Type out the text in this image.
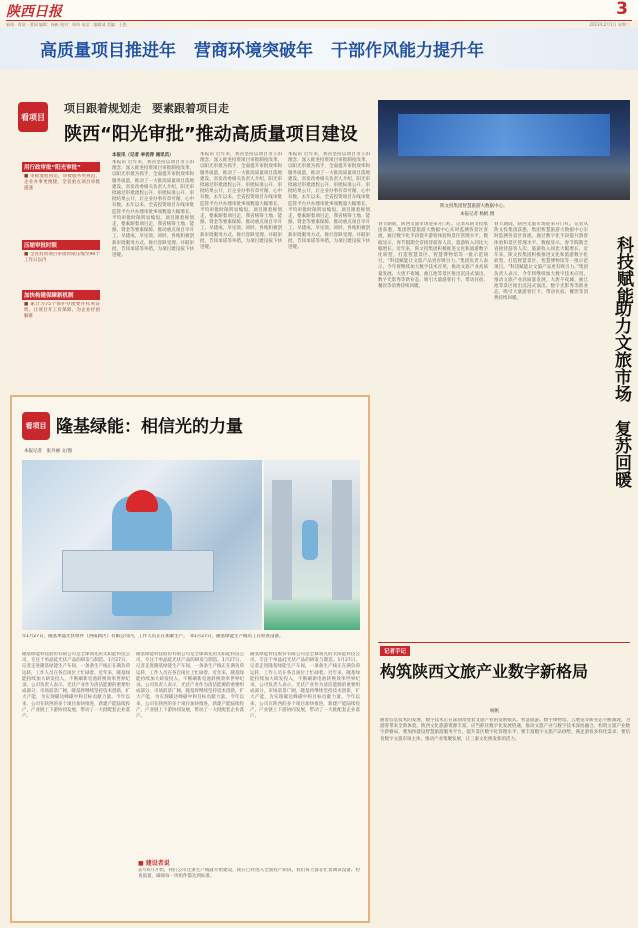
陕西日报	3
新闻 · 时政 · 要闻 编辑：杨帆 校对：周伟 电话：编辑部 美编：王艳	2023年2月1日 星期三
高质量项目推进年 营商环境突破年 干部作风能力提升年
看项目
项目跟着规划走　要素跟着项目走
陕西“阳光审批”推动高质量项目建设
用行政审批“阳光审批”
■ 审批流程再造，审批服务更规范，企业办事更便捷，全省重点项目审批提速
压缩审批时限
■ 全省投资项目审批时限压缩至90个工作日以内
加快构建保障新机制
■ 累计为75个保护办理要件权利证明，让项目开工有保障，为企业纾困解难
本报讯（记者 李优萍 通讯员）
本报讯 近年来，我省坚持以项目为王的理念，深入推进投资项目审批制度改革，以阳光审批为抓手，全面提升审批效率和服务质量，推动了一大批高质量项目落地建设。省发改委相关负责人介绍，阳光审批通过审批流程公开、审批标准公开、审批结果公开，让企业办事有章可循、心中有数。去年以来，全省投资项目在线审批监管平台共办理审批事项数量大幅增长，平均审批时限明显缩短。项目跟着规划走，要素跟着项目走，我省统筹土地、能源、资金等要素保障，推动重点项目早开工、早建成、早见效。同时，各地积极创新审批服务方式，推行容缺受理、并联审批、告知承诺等举措，为项目建设按下快进键。
本报讯 近年来，我省坚持以项目为王的理念，深入推进投资项目审批制度改革，以阳光审批为抓手，全面提升审批效率和服务质量，推动了一大批高质量项目落地建设。省发改委相关负责人介绍，阳光审批通过审批流程公开、审批标准公开、审批结果公开，让企业办事有章可循、心中有数。去年以来，全省投资项目在线审批监管平台共办理审批事项数量大幅增长，平均审批时限明显缩短。项目跟着规划走，要素跟着项目走，我省统筹土地、能源、资金等要素保障，推动重点项目早开工、早建成、早见效。同时，各地积极创新审批服务方式，推行容缺受理、并联审批、告知承诺等举措，为项目建设按下快进键。
本报讯 近年来，我省坚持以项目为王的理念，深入推进投资项目审批制度改革，以阳光审批为抓手，全面提升审批效率和服务质量，推动了一大批高质量项目落地建设。省发改委相关负责人介绍，阳光审批通过审批流程公开、审批标准公开、审批结果公开，让企业办事有章可循、心中有数。去年以来，全省投资项目在线审批监管平台共办理审批事项数量大幅增长，平均审批时限明显缩短。项目跟着规划走，要素跟着项目走，我省统筹土地、能源、资金等要素保障，推动重点项目早开工、早建成、早见效。同时，各地积极创新审批服务方式，推行容缺受理、并联审批、告知承诺等举措，为项目建设按下快进键。
陕文投集团智慧旅游大数据中心。
本报记者 杨帆 摄
春节期间，陕西文旅市场迎来开门红。记者从陕文投集团获悉，集团智慧旅游大数据中心实时监测各景区客流，通过数字化手段提升游客体验和景区管理水平。数据显示，春节假期全省接待游客人次、旅游收入同比大幅增长。近年来，陕文投集团积极推进文化和旅游数字化转型，打造智慧景区、智慧博物馆等一批示范项目。“科技赋能让文旅产品更有吸引力。”集团负责人表示，今年将继续加大数字技术应用，推动文旅产业高质量发展。大唐不夜城、曲江池等景区推出沉浸式演出、数字光影秀等新业态，吸引大量游客打卡，带动住宿、餐饮等消费持续回暖。
春节期间，陕西文旅市场迎来开门红。记者从陕文投集团获悉，集团智慧旅游大数据中心实时监测各景区客流，通过数字化手段提升游客体验和景区管理水平。数据显示，春节假期全省接待游客人次、旅游收入同比大幅增长。近年来，陕文投集团积极推进文化和旅游数字化转型，打造智慧景区、智慧博物馆等一批示范项目。“科技赋能让文旅产品更有吸引力。”集团负责人表示，今年将继续加大数字技术应用，推动文旅产业高质量发展。大唐不夜城、曲江池等景区推出沉浸式演出、数字光影秀等新业态，吸引大量游客打卡，带动住宿、餐饮等消费持续回暖。	科技赋能
助力文旅市场
复苏回暖
看项目 隆基绿能：相信光的力量
本报记者　张丹丽 文/图
①1月27日，隆基单晶光伏组件（西咸新区）有限公司内，工作人员正在加紧生产。　②1月27日，隆基绿能生产线员工在检查设备。
隆基绿能科技股份有限公司是全球领先的太阳能科技公司，专注于单晶硅光伏产品的研发与制造。1月27日，记者走进隆基绿能生产车间，一条条生产线正在满负荷运转，工作人员在各自岗位上忙碌着。近年来，隆基绿能持续加大研发投入，不断刷新电池转换效率世界纪录。公司负责人表示，光伏产业作为清洁能源的重要组成部分，市场前景广阔，隆基将继续坚持技术创新，扩大产能，为实现碳达峰碳中和目标贡献力量。今年以来，公司在陕西的多个项目加快推进，新建产能陆续投产，产业链上下游协同发展，带动了一大批配套企业落户。
隆基绿能科技股份有限公司是全球领先的太阳能科技公司，专注于单晶硅光伏产品的研发与制造。1月27日，记者走进隆基绿能生产车间，一条条生产线正在满负荷运转，工作人员在各自岗位上忙碌着。近年来，隆基绿能持续加大研发投入，不断刷新电池转换效率世界纪录。公司负责人表示，光伏产业作为清洁能源的重要组成部分，市场前景广阔，隆基将继续坚持技术创新，扩大产能，为实现碳达峰碳中和目标贡献力量。今年以来，公司在陕西的多个项目加快推进，新建产能陆续投产，产业链上下游协同发展，带动了一大批配套企业落户。
隆基绿能科技股份有限公司是全球领先的太阳能科技公司，专注于单晶硅光伏产品的研发与制造。1月27日，记者走进隆基绿能生产车间，一条条生产线正在满负荷运转，工作人员在各自岗位上忙碌着。近年来，隆基绿能持续加大研发投入，不断刷新电池转换效率世界纪录。公司负责人表示，光伏产业作为清洁能源的重要组成部分，市场前景广阔，隆基将继续坚持技术创新，扩大产能，为实现碳达峰碳中和目标贡献力量。今年以来，公司在陕西的多个项目加快推进，新建产能陆续投产，产业链上下游协同发展，带动了一大批配套企业落户。
■ 建设者说
去年6月开始，我们公司这条生产线就开始建设，现在已经进入全面投产阶段。我们每天都在忙着调试设备、检查质量，确保每一块组件都达到标准。
记者手记
构筑陕西文旅产业数字新格局
杨帆
随着信息技术的发展，数字技术正在深刻改变着文旅产业的发展模式。智慧旅游、数字博物馆、云展览等新业态不断涌现，为游客带来全新体验。陕西文化旅游资源丰富，应当抓住数字化发展机遇，推动文旅产业与数字技术深度融合，构筑文旅产业数字新格局。要加快建设智慧旅游服务平台，提升景区数字化管理水平；要丰富数字文旅产品供给，满足游客多样化需求；要培育数字文旅市场主体，推动产业集聚发展，让三秦文化焕发新的活力。
